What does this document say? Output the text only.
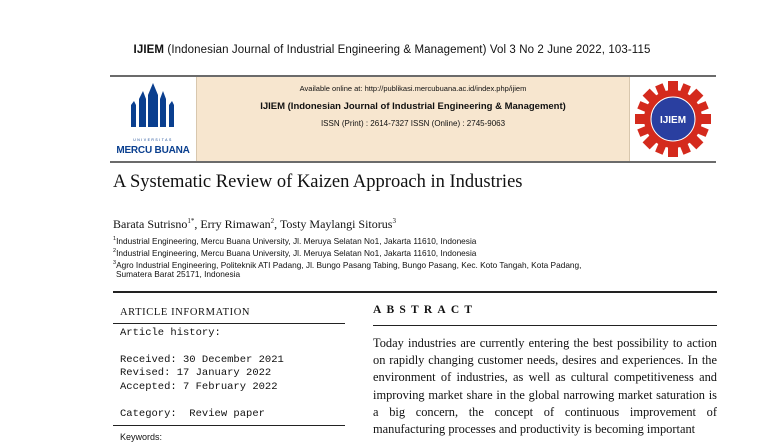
IJIEM (Indonesian Journal of Industrial Engineering & Management) Vol 3 No 2 June 2022, 103-115
UNIVERSITAS
MERCU BUANA
Available online at: http://publikasi.mercubuana.ac.id/index.php/ijiem
IJIEM (Indonesian Journal of Industrial Engineering & Management)
ISSN (Print) : 2614-7327 ISSN (Online) : 2745-9063	IJIEM
A Systematic Review of Kaizen Approach in Industries
Barata Sutrisno$^{1*}$, Erry Rimawan$^2$, Tosty Maylangi Sitorus$^3$
$^1$Industrial Engineering, Mercu Buana University, Jl. Meruya Selatan No1, Jakarta 11610, Indonesia
$^2$Industrial Engineering, Mercu Buana University, Jl. Meruya Selatan No1, Jakarta 11610, Indonesia
$^3$Agro Industrial Engineering, Politeknik ATI Padang, Jl. Bungo Pasang Tabing, Bungo Pasang, Kec. Koto Tangah, Kota Padang,
Sumatera Barat 25171, Indonesia
ARTICLE INFORMATION
Article history:
Received: 30 December 2021
Revised: 17 January 2022
Accepted: 7 February 2022
Category:  Review paper
Keywords:
ABSTRACT
Today industries are currently entering the best possibility to action on rapidly changing customer needs, desires and experiences. In the environment of industries, as well as cultural competitiveness and improving market share in the global narrowing market saturation is a big concern, the concept of continuous improvement of manufacturing processes and productivity is becoming important
